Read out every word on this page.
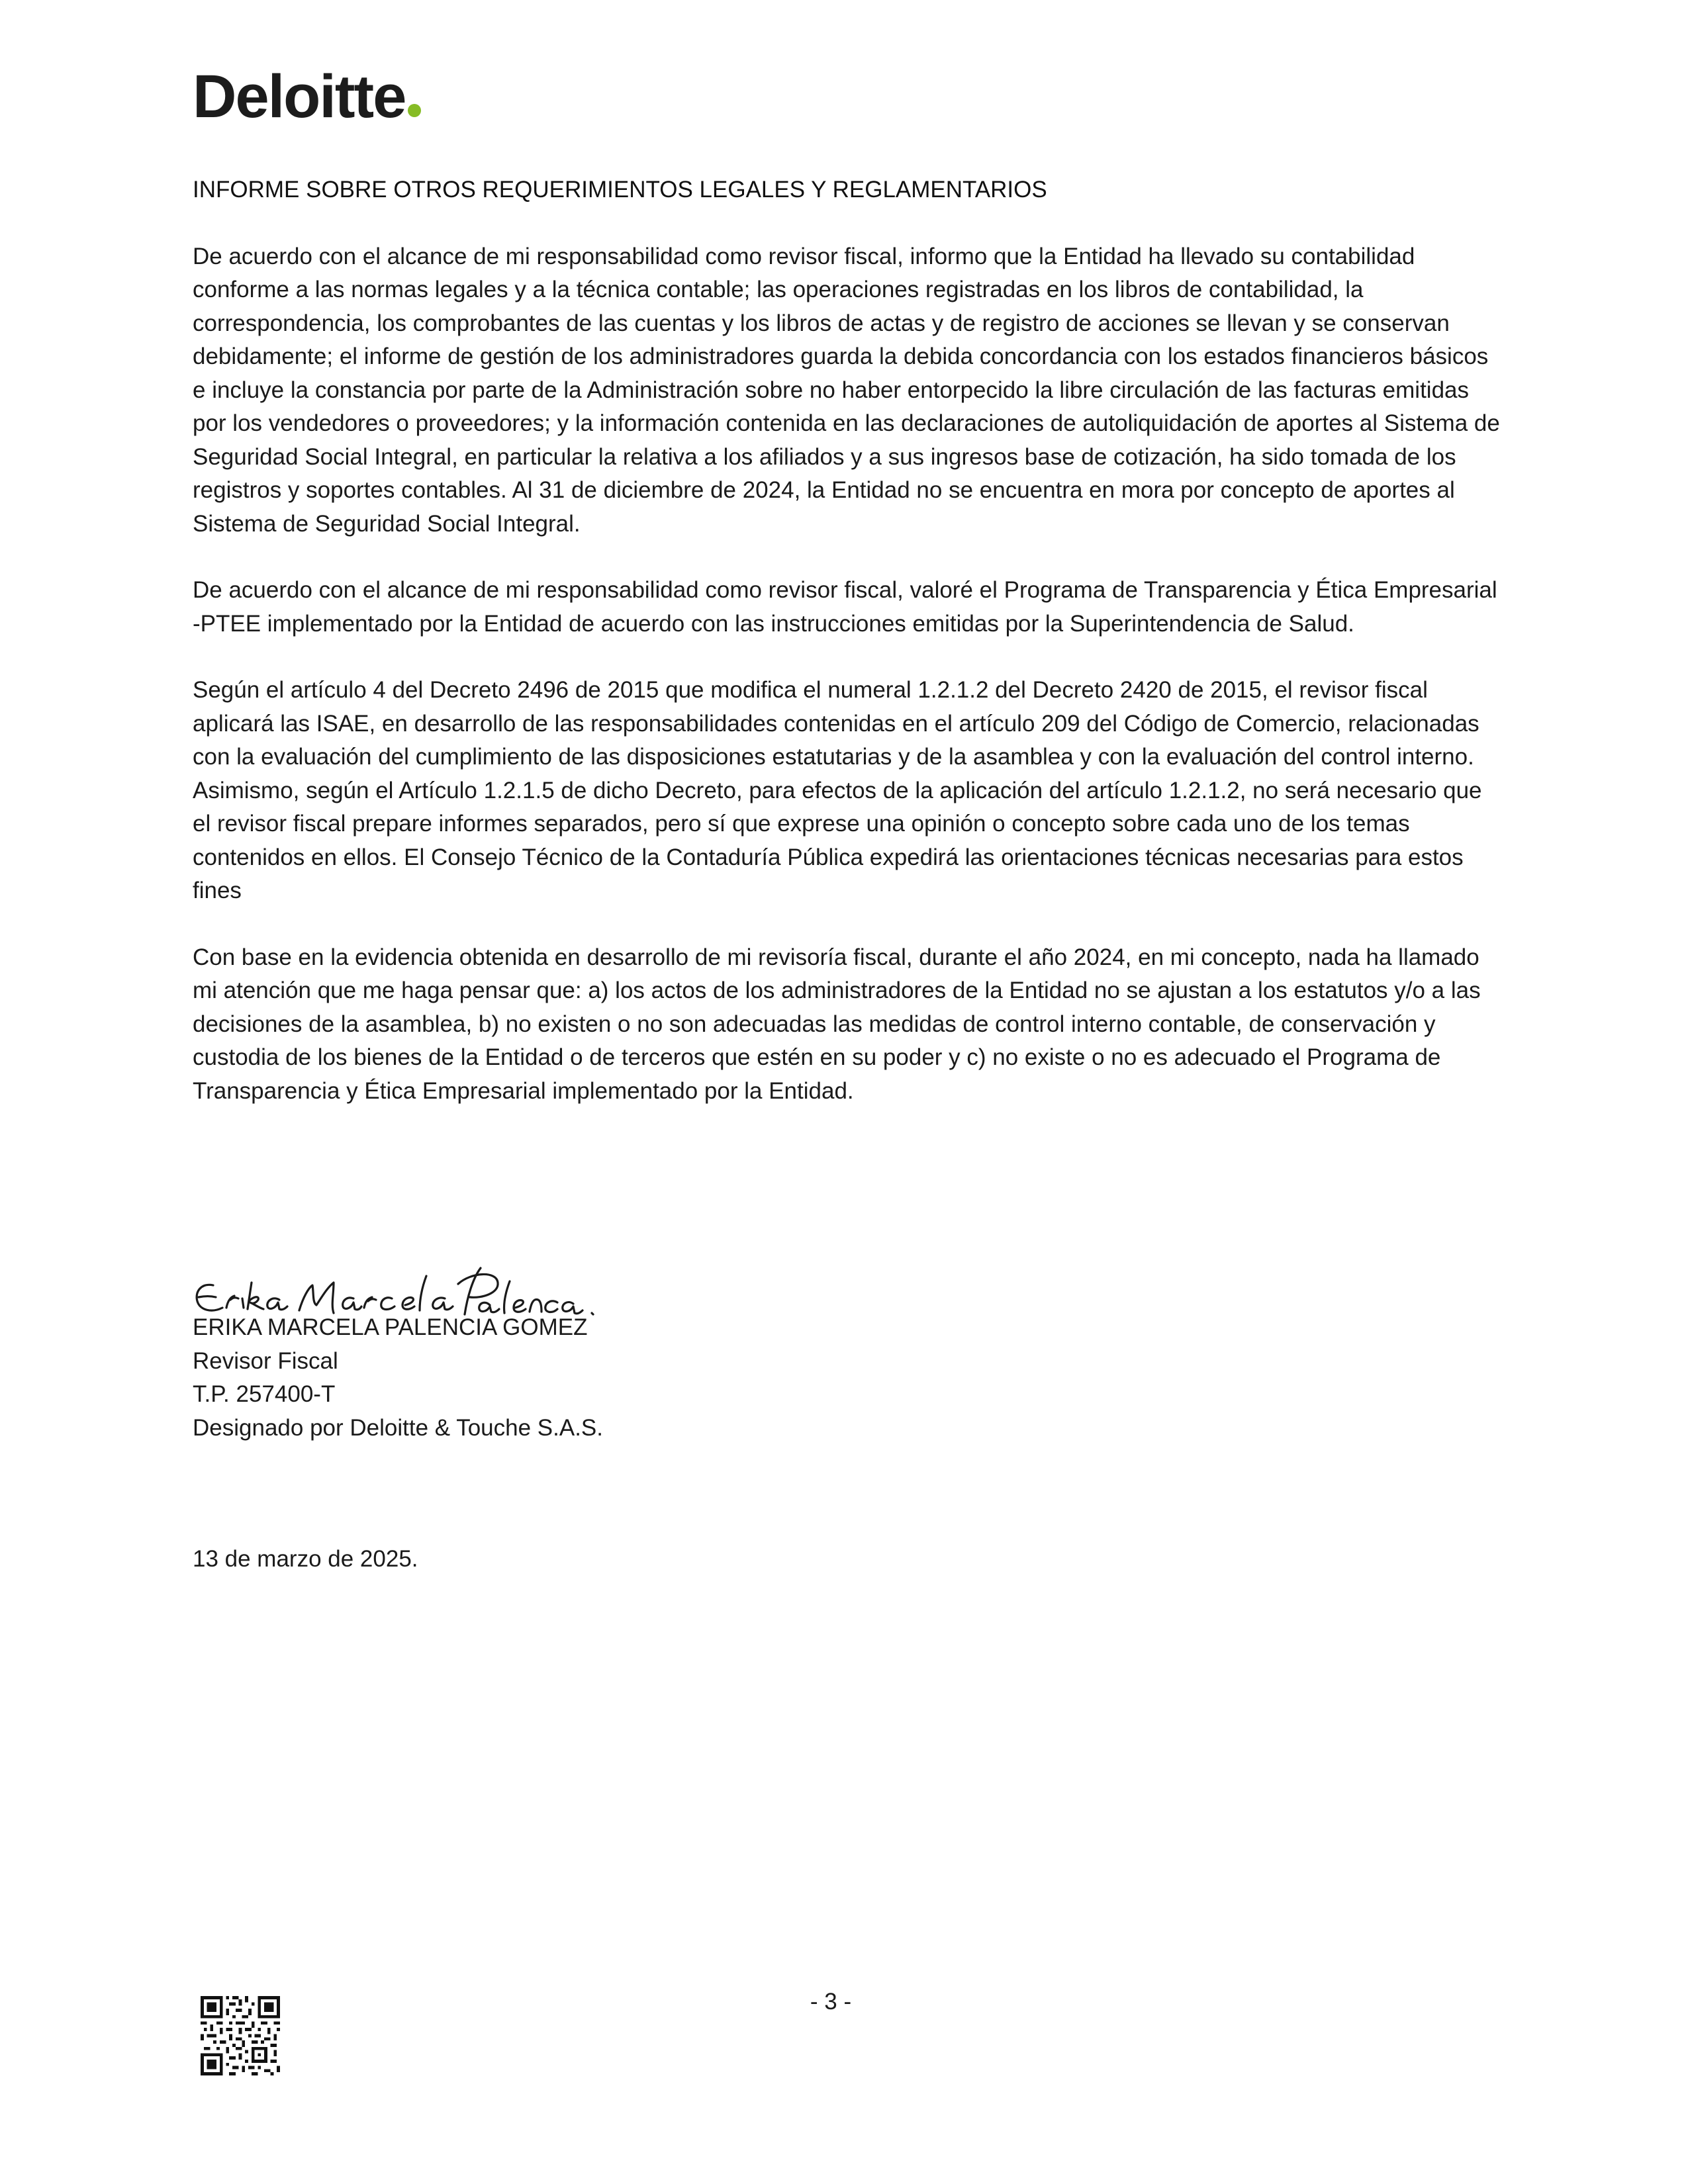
Deloitte

INFORME SOBRE OTROS REQUERIMIENTOS LEGALES Y REGLAMENTARIOS

De acuerdo con el alcance de mi responsabilidad como revisor fiscal, informo que la Entidad ha llevado su contabilidad conforme a las normas legales y a la técnica contable; las operaciones registradas en los libros de contabilidad, la correspondencia, los comprobantes de las cuentas y los libros de actas y de registro de acciones se llevan y se conservan debidamente; el informe de gestión de los administradores guarda la debida concordancia con los estados financieros básicos e incluye la constancia por parte de la Administración sobre no haber entorpecido la libre circulación de las facturas emitidas por los vendedores o proveedores; y la información contenida en las declaraciones de autoliquidación de aportes al Sistema de Seguridad Social Integral, en particular la relativa a los afiliados y a sus ingresos base de cotización, ha sido tomada de los registros y soportes contables. Al 31 de diciembre de 2024, la Entidad no se encuentra en mora por concepto de aportes al Sistema de Seguridad Social Integral.

De acuerdo con el alcance de mi responsabilidad como revisor fiscal, valoré el Programa de Transparencia y Ética Empresarial -PTEE implementado por la Entidad de acuerdo con las instrucciones emitidas por la Superintendencia de Salud.

Según el artículo 4 del Decreto 2496 de 2015 que modifica el numeral 1.2.1.2 del Decreto 2420 de 2015, el revisor fiscal aplicará las ISAE, en desarrollo de las responsabilidades contenidas en el artículo 209 del Código de Comercio, relacionadas con la evaluación del cumplimiento de las disposiciones estatutarias y de la asamblea y con la evaluación del control interno. Asimismo, según el Artículo 1.2.1.5 de dicho Decreto, para efectos de la aplicación del artículo 1.2.1.2, no será necesario que el revisor fiscal prepare informes separados, pero sí que exprese una opinión o concepto sobre cada uno de los temas contenidos en ellos. El Consejo Técnico de la Contaduría Pública expedirá las orientaciones técnicas necesarias para estos fines

Con base en la evidencia obtenida en desarrollo de mi revisoría fiscal, durante el año 2024, en mi concepto, nada ha llamado mi atención que me haga pensar que: a) los actos de los administradores de la Entidad no se ajustan a los estatutos y/o a las decisiones de la asamblea, b) no existen o no son adecuadas las medidas de control interno contable, de conservación y custodia de los bienes de la Entidad o de terceros que estén en su poder y c) no existe o no es adecuado el Programa de Transparencia y Ética Empresarial implementado por la Entidad.

ERIKA MARCELA PALENCIA GOMEZ
Revisor Fiscal
T.P. 257400-T
Designado por Deloitte & Touche S.A.S.
13 de marzo de 2025.
- 3 -
